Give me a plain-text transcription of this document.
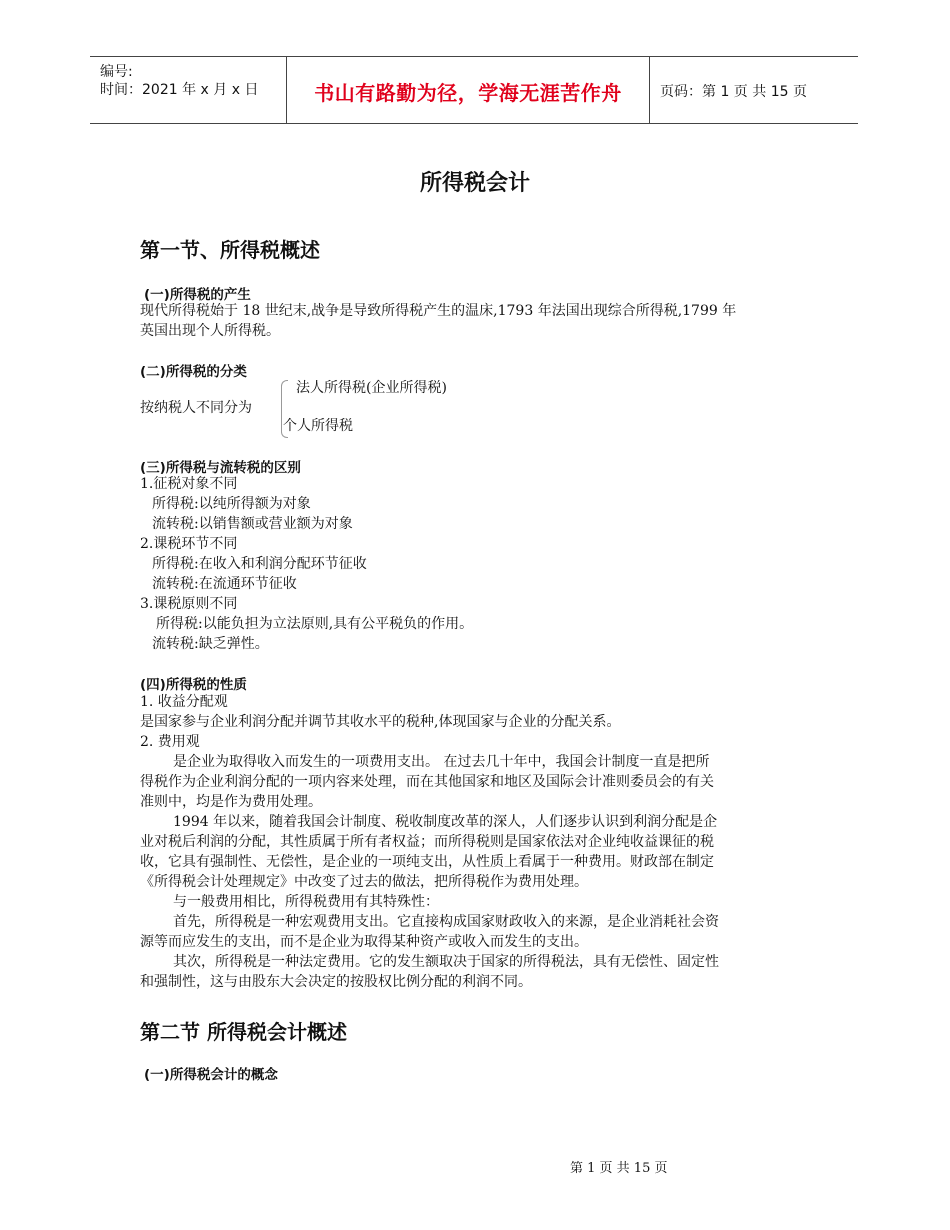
编号:
时间：2021 年 x 月 x 日	书山有路勤为径，学海无涯苦作舟	页码：第 1 页 共 15 页
所得税会计
第一节、所得税概述
(一)所得税的产生
现代所得税始于 18 世纪末,战争是导致所得税产生的温床,1793 年法国出现综合所得税,1799 年
英国出现个人所得税。
(二)所得税的分类
按纳税人不同分为
法人所得税(企业所得税)
个人所得税
(三)所得税与流转税的区别
1.征税对象不同
所得税:以纯所得额为对象
流转税:以销售额或营业额为对象
2.课税环节不同
所得税:在收入和利润分配环节征收
流转税:在流通环节征收
3.课税原则不同
所得税:以能负担为立法原则,具有公平税负的作用。
流转税:缺乏弹性。
(四)所得税的性质
1. 收益分配观
是国家参与企业利润分配并调节其收水平的税种,体现国家与企业的分配关系。
2. 费用观
是企业为取得收入而发生的一项费用支出。 在过去几十年中，我国会计制度一直是把所
得税作为企业利润分配的一项内容来处理，而在其他国家和地区及国际会计准则委员会的有关
准则中，均是作为费用处理。
1994 年以来，随着我国会计制度、税收制度改革的深人，人们逐步认识到利润分配是企
业对税后利润的分配，其性质属于所有者权益；而所得税则是国家依法对企业纯收益课征的税
收，它具有强制性、无偿性，是企业的一项纯支出，从性质上看属于一种费用。财政部在制定
《所得税会计处理规定》中改变了过去的做法，把所得税作为费用处理。
与一般费用相比，所得税费用有其特殊性：
首先，所得税是一种宏观费用支出。它直接构成国家财政收入的来源，是企业消耗社会资
源等而应发生的支出，而不是企业为取得某种资产或收入而发生的支出。
其次，所得税是一种法定费用。它的发生额取决于国家的所得税法，具有无偿性、固定性
和强制性，这与由股东大会决定的按股权比例分配的利润不同。
第二节 所得税会计概述
(一)所得税会计的概念
第 1 页 共 15 页
